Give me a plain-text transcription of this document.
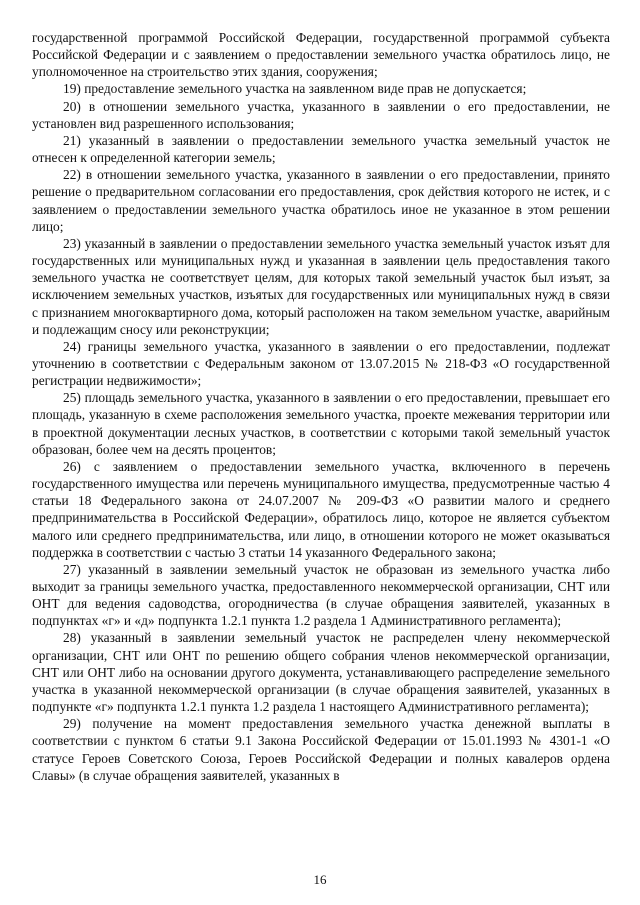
государственной программой Российской Федерации, государственной программой субъекта Российской Федерации и с заявлением о предоставлении земельного участка обратилось лицо, не уполномоченное на строительство этих здания, сооружения;

19) предоставление земельного участка на заявленном виде прав не допускается;

20) в отношении земельного участка, указанного в заявлении о его предоставлении, не установлен вид разрешенного использования;

21) указанный в заявлении о предоставлении земельного участка земельный участок не отнесен к определенной категории земель;

22) в отношении земельного участка, указанного в заявлении о его предоставлении, принято решение о предварительном согласовании его предоставления, срок действия которого не истек, и с заявлением о предоставлении земельного участка обратилось иное не указанное в этом решении лицо;

23) указанный в заявлении о предоставлении земельного участка земельный участок изъят для государственных или муниципальных нужд и указанная в заявлении цель предоставления такого земельного участка не соответствует целям, для которых такой земельный участок был изъят, за исключением земельных участков, изъятых для государственных или муниципальных нужд в связи с признанием многоквартирного дома, который расположен на таком земельном участке, аварийным и подлежащим сносу или реконструкции;

24) границы земельного участка, указанного в заявлении о его предоставлении, подлежат уточнению в соответствии с Федеральным законом от 13.07.2015 № 218-ФЗ «О государственной регистрации недвижимости»;

25) площадь земельного участка, указанного в заявлении о его предоставлении, превышает его площадь, указанную в схеме расположения земельного участка, проекте межевания территории или в проектной документации лесных участков, в соответствии с которыми такой земельный участок образован, более чем на десять процентов;

26) с заявлением о предоставлении земельного участка, включенного в перечень государственного имущества или перечень муниципального имущества, предусмотренные частью 4 статьи 18 Федерального закона от 24.07.2007 № 209-ФЗ «О развитии малого и среднего предпринимательства в Российской Федерации», обратилось лицо, которое не является субъектом малого или среднего предпринимательства, или лицо, в отношении которого не может оказываться поддержка в соответствии с частью 3 статьи 14 указанного Федерального закона;

27) указанный в заявлении земельный участок не образован из земельного участка либо выходит за границы земельного участка, предоставленного некоммерческой организации, СНТ или ОНТ для ведения садоводства, огородничества (в случае обращения заявителей, указанных в подпунктах «г» и «д» подпункта 1.2.1 пункта 1.2 раздела 1 Административного регламента);

28) указанный в заявлении земельный участок не распределен члену некоммерческой организации, СНТ или ОНТ по решению общего собрания членов некоммерческой организации, СНТ или ОНТ либо на основании другого документа, устанавливающего распределение земельного участка в указанной некоммерческой организации (в случае обращения заявителей, указанных в подпункте «г» подпункта 1.2.1 пункта 1.2 раздела 1 настоящего Административного регламента);

29) получение на момент предоставления земельного участка денежной выплаты в соответствии с пунктом 6 статьи 9.1 Закона Российской Федерации от 15.01.1993 № 4301-1 «О статусе Героев Советского Союза, Героев Российской Федерации и полных кавалеров ордена Славы» (в случае обращения заявителей, указанных в

16
